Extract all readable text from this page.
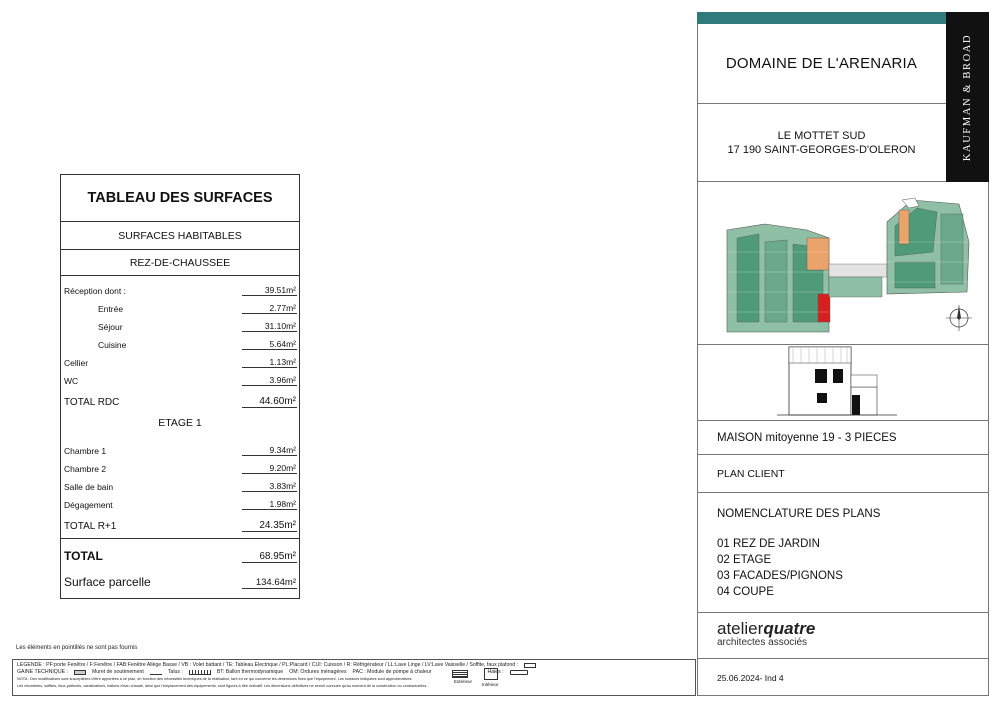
TABLEAU DES SURFACES
SURFACES HABITABLES
REZ-DE-CHAUSSEE
Réception dont :	39.51m²
Entrée	2.77m²
Séjour	31.10m²
Cuisine	5.64m²
Cellier	1.13m²
WC	3.96m²
TOTAL RDC	44.60m²
ETAGE 1
Chambre 1	9.34m²
Chambre 2	9.20m²
Salle de bain	3.83m²
Dégagement	1.98m²
TOTAL R+1	24.35m²
TOTAL	68.95m²
Surface parcelle	134.64m²
Les éléments en pointillés ne sont pas fournis
LEGENDE : PF:porte Fenêtre / F:Fenêtre / FAB:Fenêtre Allège Basse / VB : Volet battant / TE: Tableau Electrique / PL:Placard / CUI: Cuisson / R: Réfrigérateur / LL:Lave Linge / LV:Lave Vaisselle / Soffite, faux plafond :
GAINE TECHNIQUE :	Muret de soutènement	Talus :	BT: Ballon thermodynamique OM: Ordures ménagères PAC : Module de pompe à chaleur	Haies :
NOTA : Des modifications sont susceptibles d'être apportées à ce plan, en fonction des nécessités techniques de la réalisation, tant en ce qui concerne les dimensions fixes que l'équipement. Les surfaces indiquées sont approximatives.
Les retombées, soffites, faux-plafonds, canalisations, ballons d'eau chaude, ainsi que l'emplacement des équipements, sont figurés à titre indicatif. Les dimensions définitives ne seront connues qu'au moment de la construction ou contractuelles.
Extérieur
Intérieur
KAUFMAN & BROAD
DOMAINE DE L'ARENARIA
LE MOTTET SUD
17 190 SAINT-GEORGES-D'OLERON
MAISON mitoyenne 19 - 3 PIECES
PLAN CLIENT
NOMENCLATURE DES PLANS
01 REZ DE JARDIN
02 ETAGE
03 FACADES/PIGNONS
04 COUPE
atelierquatre
architectes associés
25.06.2024- Ind 4
